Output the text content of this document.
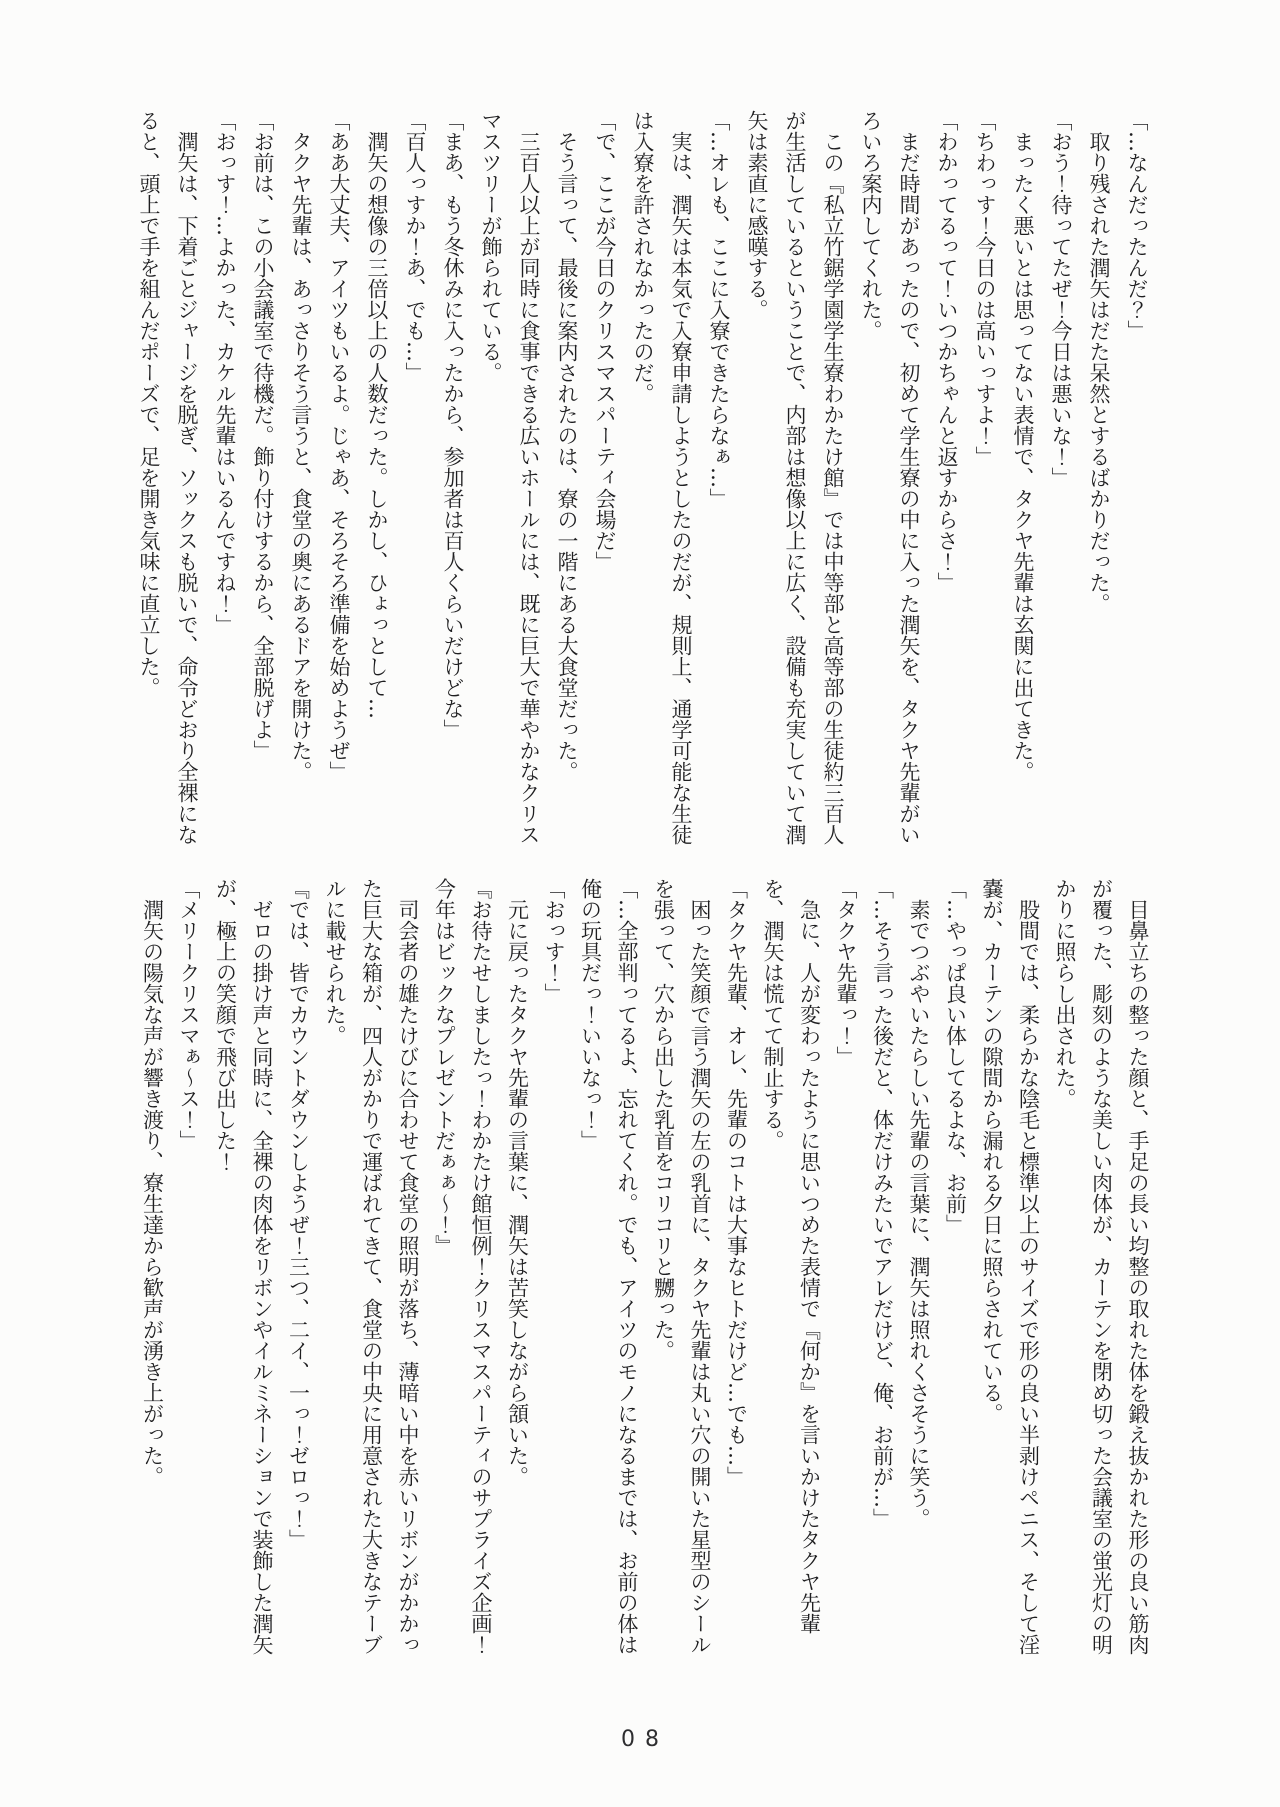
「…なんだったんだ？」

　取り残された潤矢はだた呆然とするばかりだった。

「おう！待ってたぜ！今日は悪いな！」

　まったく悪いとは思ってない表情で、タクヤ先輩は玄関に出てきた。

「ちわっす！今日のは高いっすよ！」

「わかってるって！いつかちゃんと返すからさ！」

　まだ時間があったので、初めて学生寮の中に入った潤矢を、タクヤ先輩がいろいろ案内してくれた。

　この『私立竹鋸学園学生寮わかたけ館』では中等部と高等部の生徒約三百人が生活しているということで、内部は想像以上に広く、設備も充実していて潤矢は素直に感嘆する。

「…オレも、ここに入寮できたらなぁ…」

　実は、潤矢は本気で入寮申請しようとしたのだが、規則上、通学可能な生徒は入寮を許されなかったのだ。

「で、ここが今日のクリスマスパーティ会場だ」

　そう言って、最後に案内されたのは、寮の一階にある大食堂だった。

　三百人以上が同時に食事できる広いホールには、既に巨大で華やかなクリスマスツリーが飾られている。

「まあ、もう冬休みに入ったから、参加者は百人くらいだけどな」

「百人っすか！あ、でも…」

　潤矢の想像の三倍以上の人数だった。しかし、ひょっとして…

「ああ大丈夫、アイツもいるよ。じゃあ、そろそろ準備を始めようぜ」

　タクヤ先輩は、あっさりそう言うと、食堂の奥にあるドアを開けた。

「お前は、この小会議室で待機だ。飾り付けするから、全部脱げよ」

「おっす！…よかった、カケル先輩はいるんですね！」

　潤矢は、下着ごとジャージを脱ぎ、ソックスも脱いで、命令どおり全裸になると、頭上で手を組んだポーズで、足を開き気味に直立した。

　目鼻立ちの整った顔と、手足の長い均整の取れた体を鍛え抜かれた形の良い筋肉が覆った、彫刻のような美しい肉体が、カーテンを閉め切った会議室の蛍光灯の明かりに照らし出された。

　股間では、柔らかな陰毛と標準以上のサイズで形の良い半剥けペニス、そして淫嚢が、カーテンの隙間から漏れる夕日に照らされている。

「…やっぱ良い体してるよな、お前」

　素でつぶやいたらしい先輩の言葉に、潤矢は照れくさそうに笑う。

「…そう言った後だと、体だけみたいでアレだけど、俺、お前が…」

「タクヤ先輩っ！」

　急に、人が変わったように思いつめた表情で『何か』を言いかけたタクヤ先輩を、潤矢は慌てて制止する。

「タクヤ先輩、オレ、先輩のコトは大事なヒトだけど…でも…」

　困った笑顔で言う潤矢の左の乳首に、タクヤ先輩は丸い穴の開いた星型のシールを張って、穴から出した乳首をコリコリと嬲った。

「…全部判ってるよ、忘れてくれ。でも、アイツのモノになるまでは、お前の体は俺の玩具だっ！いいなっ！」

「おっす！」

　元に戻ったタクヤ先輩の言葉に、潤矢は苦笑しながら頷いた。

『お待たせしましたっ！わかたけ館恒例！クリスマスパーティのサプライズ企画！今年はビックなプレゼントだぁぁ〜！』

　司会者の雄たけびに合わせて食堂の照明が落ち、薄暗い中を赤いリボンがかかった巨大な箱が、四人がかりで運ばれてきて、食堂の中央に用意された大きなテーブルに載せられた。

『では、皆でカウントダウンしようぜ！三つ、二イ、一っ！ゼロっ！」

　ゼロの掛け声と同時に、全裸の肉体をリボンやイルミネーションで装飾した潤矢が、極上の笑顔で飛び出した！

「メリークリスマぁ〜ス！」

　潤矢の陽気な声が響き渡り、寮生達から歓声が湧き上がった。

08
